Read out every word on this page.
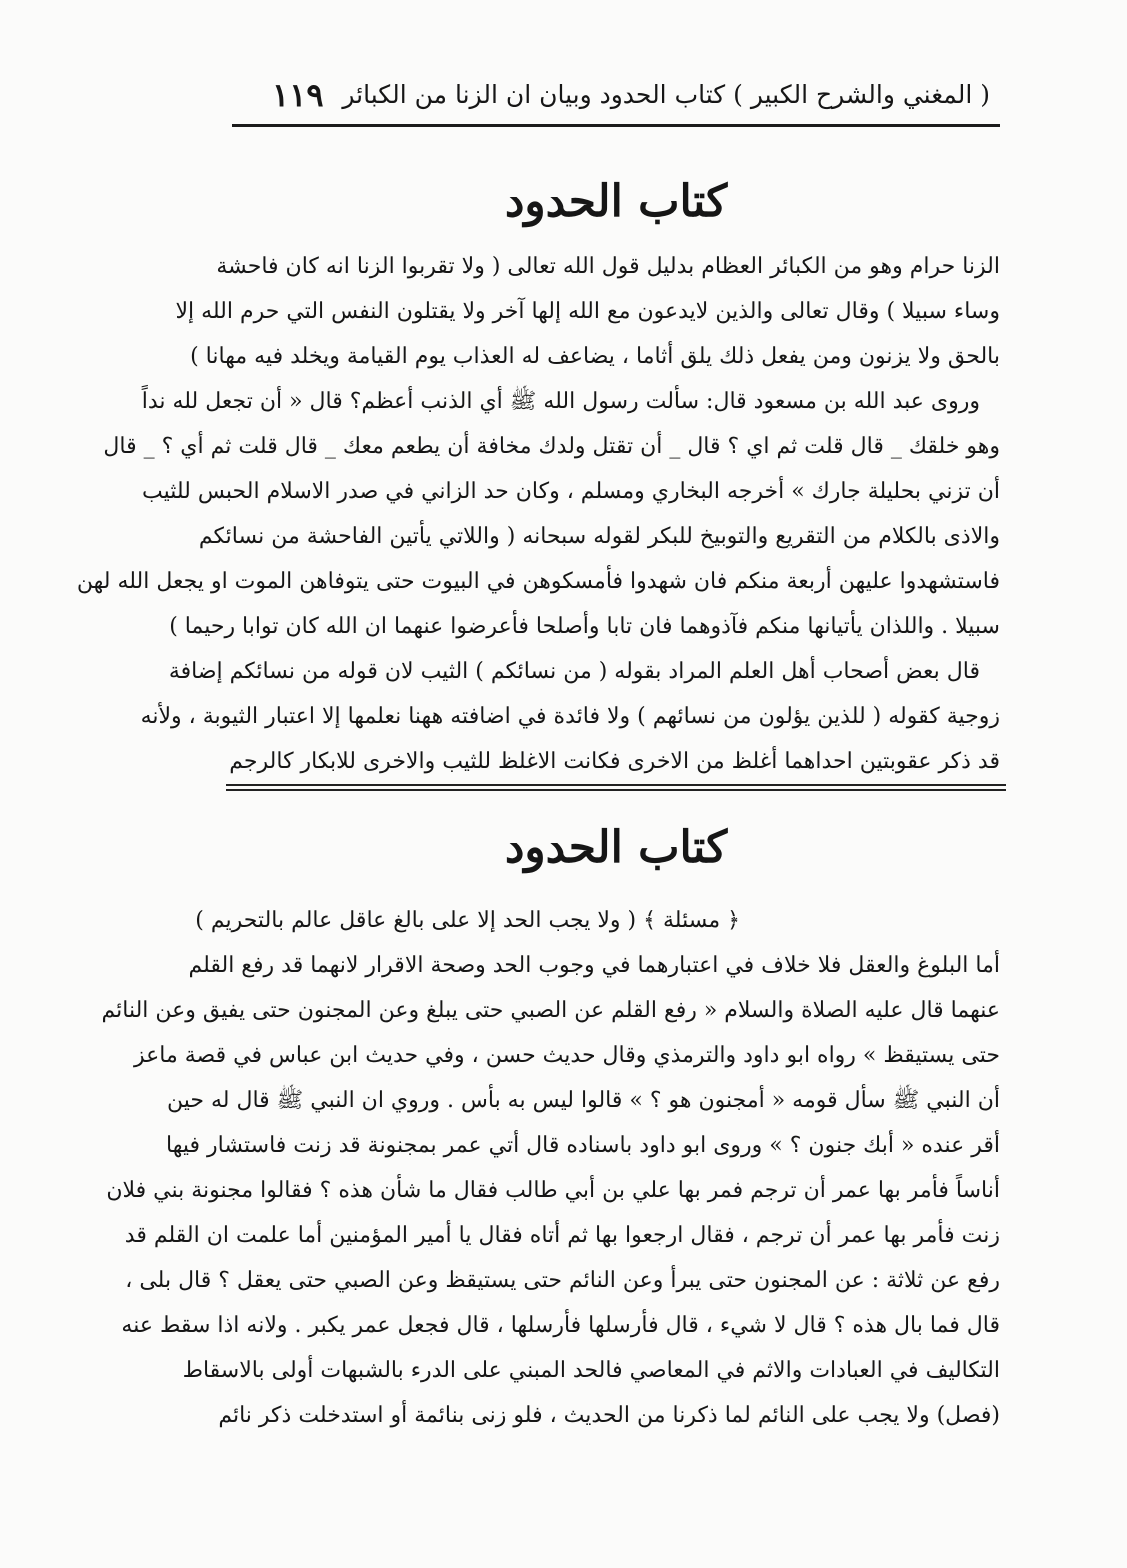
( المغني والشرح الكبير ) كتاب الحدود وبيان ان الزنا من الكبائر
١١٩
كتاب الحدود
الزنا حرام وهو من الكبائر العظام بدليل قول الله تعالى ( ولا تقربوا الزنا انه كان فاحشة
وساء سبيلا ) وقال تعالى والذين لايدعون مع الله إلها آخر ولا يقتلون النفس التي حرم الله إلا
بالحق ولا يزنون ومن يفعل ذلك يلق أثاما ، يضاعف له العذاب يوم القيامة ويخلد فيه مهانا )
وروى عبد الله بن مسعود قال: سألت رسول الله ﷺ أي الذنب أعظم؟ قال « أن تجعل لله نداً
وهو خلقك _ قال قلت ثم اي ؟ قال _ أن تقتل ولدك مخافة أن يطعم معك _ قال قلت ثم أي ؟ _ قال
أن تزني بحليلة جارك » أخرجه البخاري ومسلم ، وكان حد الزاني في صدر الاسلام الحبس للثيب
والاذى بالكلام من التقريع والتوبيخ للبكر لقوله سبحانه ( واللاتي يأتين الفاحشة من نسائكم
فاستشهدوا عليهن أربعة منكم فان شهدوا فأمسكوهن في البيوت حتى يتوفاهن الموت او يجعل الله لهن
سبيلا . واللذان يأتيانها منكم فآذوهما فان تابا وأصلحا فأعرضوا عنهما ان الله كان توابا رحيما )
قال بعض أصحاب أهل العلم المراد بقوله ( من نسائكم ) الثيب لان قوله من نسائكم إضافة
زوجية كقوله ( للذين يؤلون من نسائهم ) ولا فائدة في اضافته ههنا نعلمها إلا اعتبار الثيوبة ، ولأنه
قد ذكر عقوبتين احداهما أغلظ من الاخرى فكانت الاغلظ للثيب والاخرى للابكار كالرجم
كتاب الحدود
﴿ مسئلة ﴾ ( ولا يجب الحد إلا على بالغ عاقل عالم بالتحريم )
أما البلوغ والعقل فلا خلاف في اعتبارهما في وجوب الحد وصحة الاقرار لانهما قد رفع القلم
عنهما قال عليه الصلاة والسلام « رفع القلم عن الصبي حتى يبلغ وعن المجنون حتى يفيق وعن النائم
حتى يستيقظ » رواه ابو داود والترمذي وقال حديث حسن ، وفي حديث ابن عباس في قصة ماعز
أن النبي ﷺ سأل قومه « أمجنون هو ؟ » قالوا ليس به بأس . وروي ان النبي ﷺ قال له حين
أقر عنده « أبك جنون ؟ » وروى ابو داود باسناده قال أتي عمر بمجنونة قد زنت فاستشار فيها
أناساً فأمر بها عمر أن ترجم فمر بها علي بن أبي طالب فقال ما شأن هذه ؟ فقالوا مجنونة بني فلان
زنت فأمر بها عمر أن ترجم ، فقال ارجعوا بها ثم أتاه فقال يا أمير المؤمنين أما علمت ان القلم قد
رفع عن ثلاثة : عن المجنون حتى يبرأ وعن النائم حتى يستيقظ وعن الصبي حتى يعقل ؟ قال بلى ،
قال فما بال هذه ؟ قال لا شيء ، قال فأرسلها فأرسلها ، قال فجعل عمر يكبر . ولانه اذا سقط عنه
التكاليف في العبادات والاثم في المعاصي فالحد المبني على الدرء بالشبهات أولى بالاسقاط
(فصل) ولا يجب على النائم لما ذكرنا من الحديث ، فلو زنى بنائمة أو استدخلت ذكر نائم
